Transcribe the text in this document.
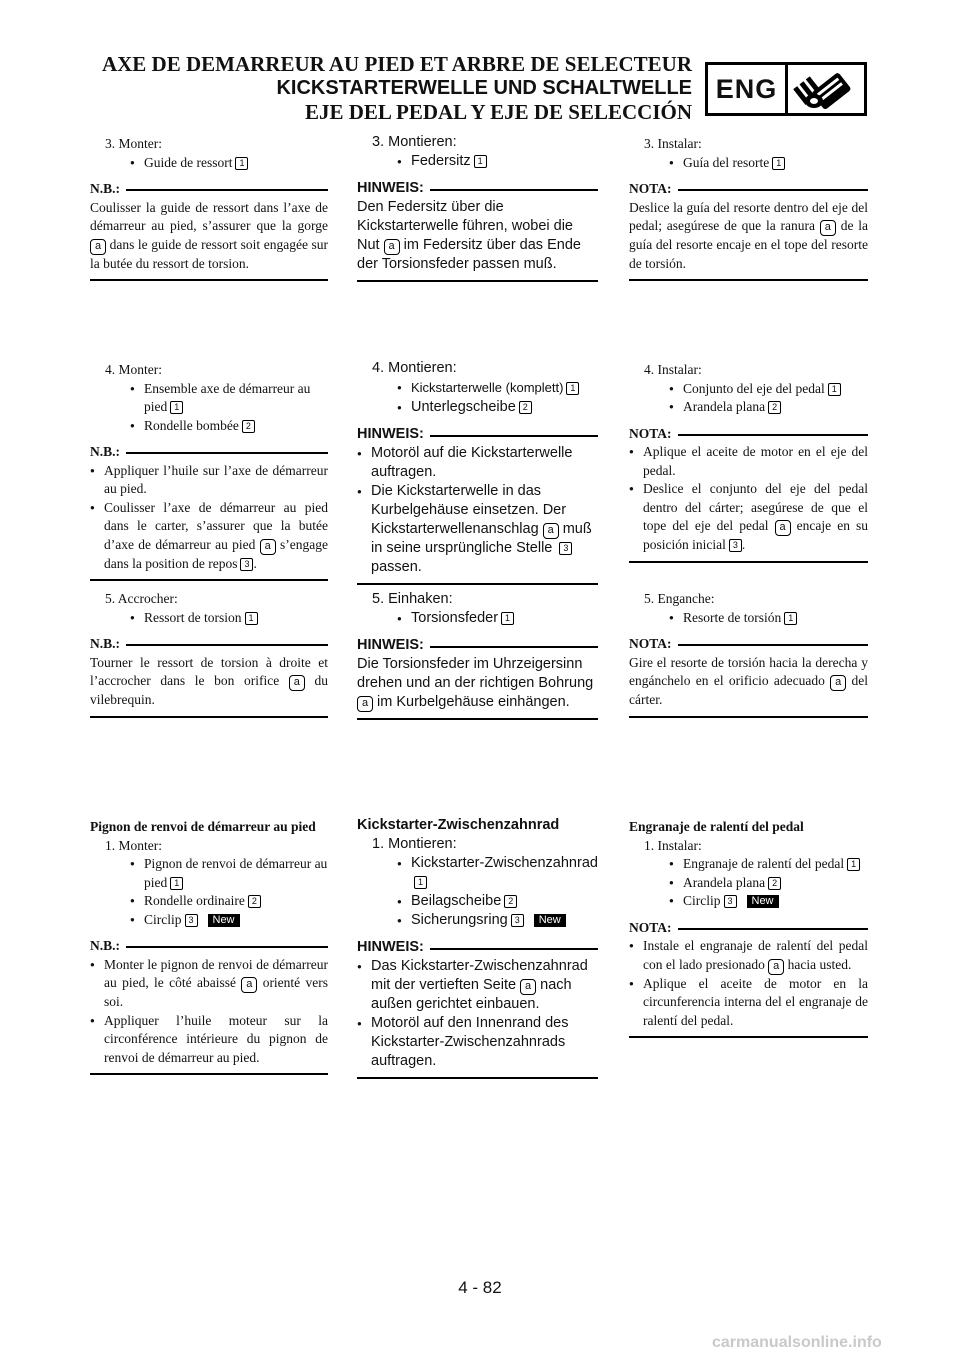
AXE DE DEMARREUR AU PIED ET ARBRE DE SELECTEUR
KICKSTARTERWELLE UND SCHALTWELLE
EJE DEL PEDAL Y EJE DE SELECCIÓN
ENG
3. Monter:
● Guide de ressort 1
N.B.:
Coulisser la guide de ressort dans l’axe de démarreur au pied, s’assurer que la gorge a dans le guide de ressort soit engagée sur la butée du ressort de torsion.
4. Monter:
● Ensemble axe de démarreur au pied 1
● Rondelle bombée 2
N.B.:
● Appliquer l’huile sur l’axe de démarreur au pied.
● Coulisser l’axe de démarreur au pied dans le carter, s’assurer que la butée d’axe de démarreur au pied a s’engage dans la position de repos 3 .
5. Accrocher:
● Ressort de torsion 1
N.B.:
Tourner le ressort de torsion à droite et l’accrocher dans le bon orifice a du vilebrequin.
Pignon de renvoi de démarreur au pied
1. Monter:
● Pignon de renvoi de démarreur au pied 1
● Rondelle ordinaire 2
● Circlip 3 New
N.B.:
● Monter le pignon de renvoi de démarreur au pied, le côté abaissé a orienté vers soi.
● Appliquer l’huile moteur sur la circonférence intérieure du pignon de renvoi de démarreur au pied.
3. Montieren:
● Federsitz 1
HINWEIS:
Den Federsitz über die Kickstarterwelle führen, wobei die Nut a im Federsitz über das Ende der Torsionsfeder passen muß.
4. Montieren:
● Kickstarterwelle (komplett) 1
● Unterlegscheibe 2
HINWEIS:
● Motoröl auf die Kickstarterwelle auftragen.
● Die Kickstarterwelle in das Kurbelgehäuse einsetzen. Der Kickstarterwellenanschlag a muß in seine ursprüngliche Stelle 3 passen.
5. Einhaken:
● Torsionsfeder 1
HINWEIS:
Die Torsionsfeder im Uhrzeigersinn drehen und an der richtigen Bohrung a im Kurbelgehäuse einhängen.
Kickstarter-Zwischenzahnrad
1. Montieren:
● Kickstarter-Zwischenzahnrad1
● Beilagscheibe 2
● Sicherungsring 3 New
HINWEIS:
● Das Kickstarter-Zwischenzahnrad mit der vertieften Seite a nach außen gerichtet einbauen.
● Motoröl auf den Innenrand des Kickstarter-Zwischenzahnrads auftragen.
3. Instalar:
● Guía del resorte 1
NOTA:
Deslice la guía del resorte dentro del eje del pedal; asegúrese de que la ranura a de la guía del resorte encaje en el tope del resorte de torsión.
4. Instalar:
● Conjunto del eje del pedal 1
● Arandela plana 2
NOTA:
● Aplique el aceite de motor en el eje del pedal.
● Deslice el conjunto del eje del pedal dentro del cárter; asegúrese de que el tope del eje del pedal a encaje en su posición inicial 3 .
5. Enganche:
● Resorte de torsión 1
NOTA:
Gire el resorte de torsión hacia la derecha y engánchelo en el orificio adecuado a del cárter.
Engranaje de ralentí del pedal
1. Instalar:
● Engranaje de ralentí del pedal 1
● Arandela plana 2
● Circlip 3 New
NOTA:
● Instale el engranaje de ralentí del pedal con el lado presionado a hacia usted.
● Aplique el aceite de motor en la circunferencia interna del el engranaje de ralentí del pedal.
4 - 82
carmanualsonline.info
